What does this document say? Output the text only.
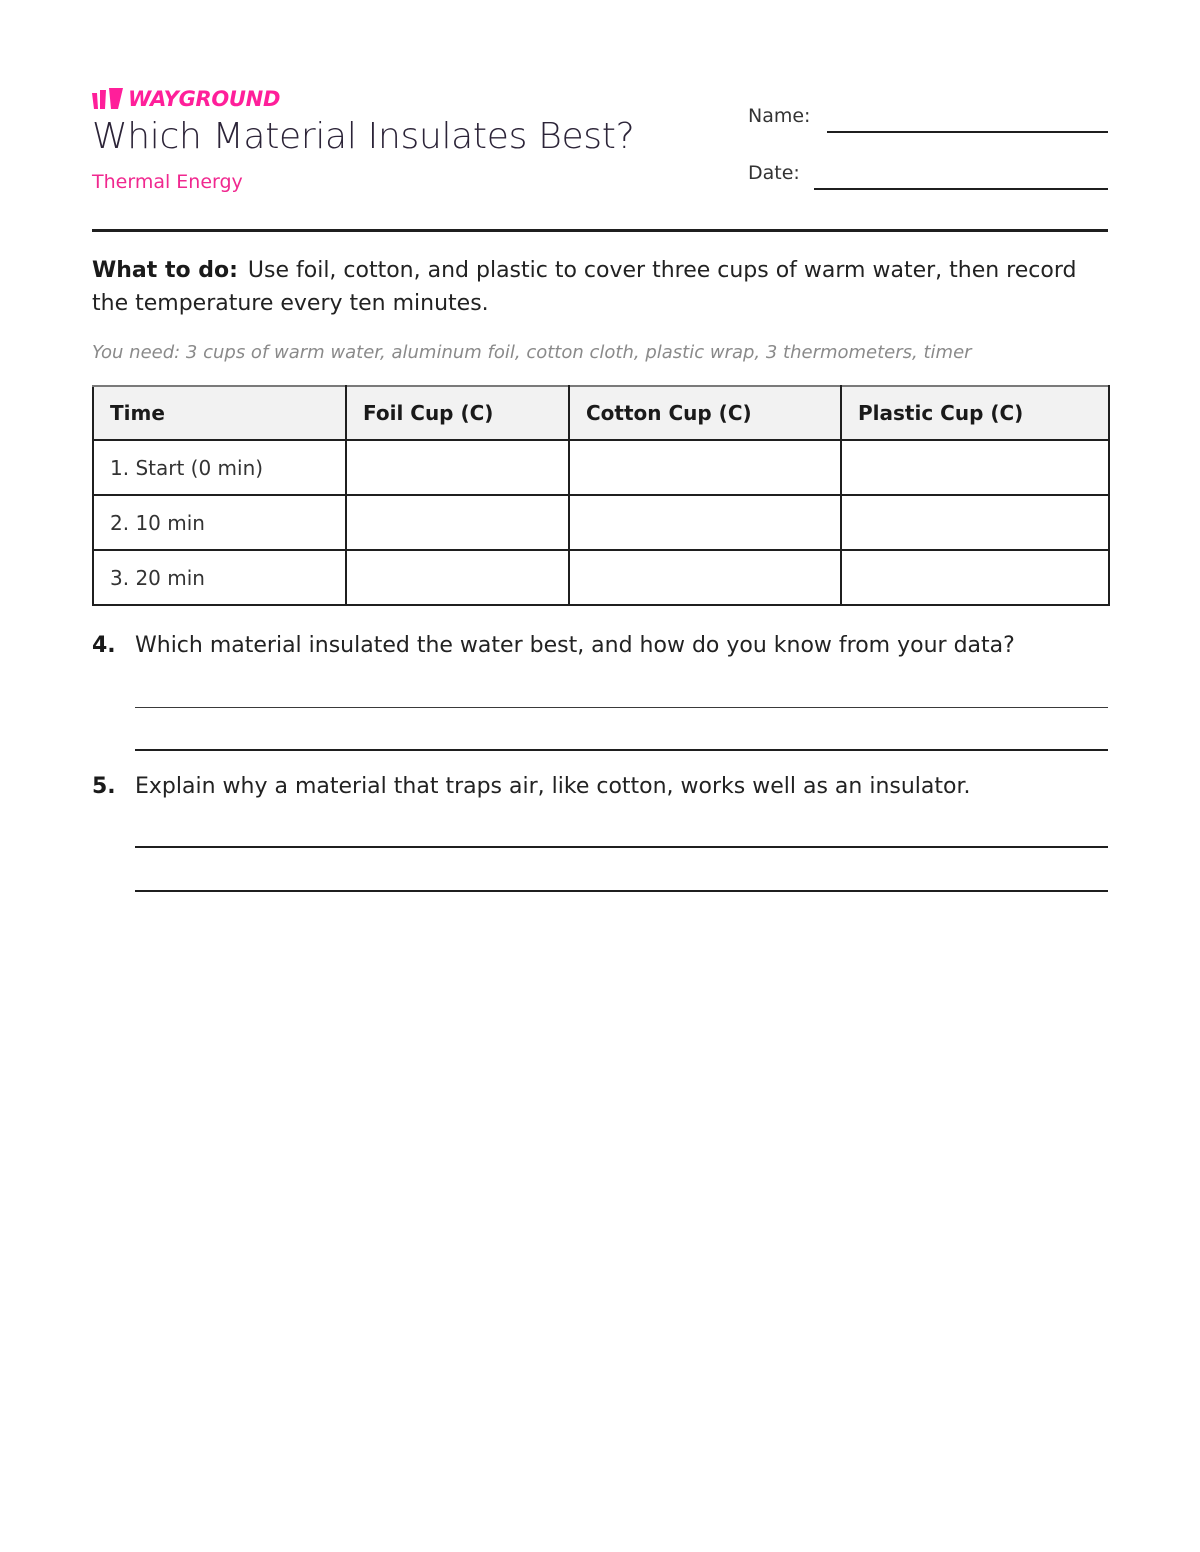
WAYGROUND
Which Material Insulates Best?
Thermal Energy
Name:
Date:
What to do: Use foil, cotton, and plastic to cover three cups of warm water, then record the temperature every ten minutes.
You need: 3 cups of warm water, aluminum foil, cotton cloth, plastic wrap, 3 thermometers, timer
Time	Foil Cup (C)	Cotton Cup (C)	Plastic Cup (C)
1. Start (0 min)			
2. 10 min			
3. 20 min			
4. Which material insulated the water best, and how do you know from your data?
5. Explain why a material that traps air, like cotton, works well as an insulator.
